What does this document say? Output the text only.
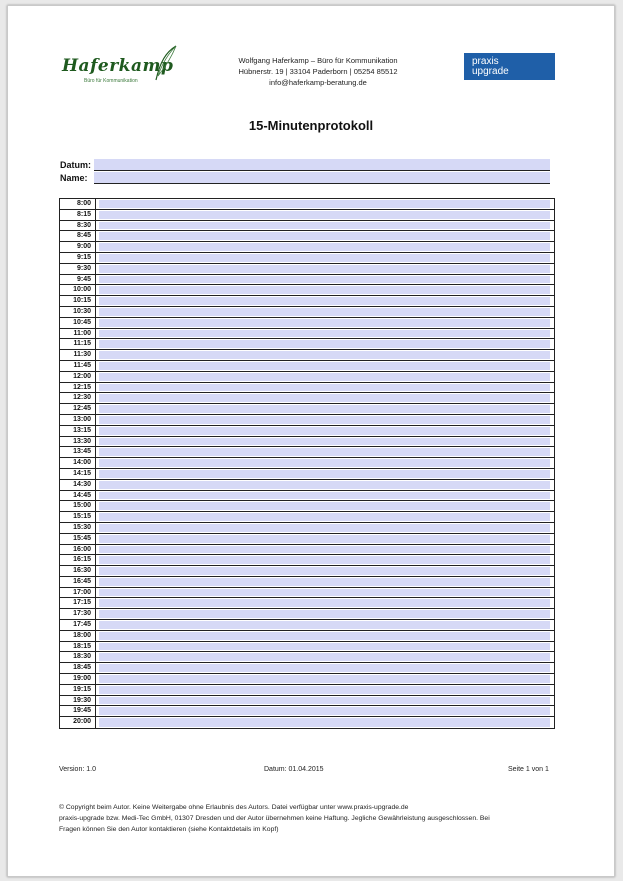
Haferkamp
Büro für Kommunikation
Wolfgang Haferkamp – Büro für Kommunikation
Hübnerstr. 19 | 33104 Paderborn | 05254 85512
info@haferkamp-beratung.de
praxis
upgrade
15-Minutenprotokoll
Datum:
Name:
8:00
8:15
8:30
8:45
9:00
9:15
9:30
9:45
10:00
10:15
10:30
10:45
11:00
11:15
11:30
11:45
12:00
12:15
12:30
12:45
13:00
13:15
13:30
13:45
14:00
14:15
14:30
14:45
15:00
15:15
15:30
15:45
16:00
16:15
16:30
16:45
17:00
17:15
17:30
17:45
18:00
18:15
18:30
18:45
19:00
19:15
19:30
19:45
20:00
Version: 1.0	Datum: 01.04.2015	Seite 1 von 1
© Copyright beim Autor. Keine Weitergabe ohne Erlaubnis des Autors. Datei verfügbar unter www.praxis-upgrade.de
praxis-upgrade bzw. Medi-Tec GmbH, 01307 Dresden und der Autor übernehmen keine Haftung. Jegliche Gewährleistung ausgeschlossen. Bei
Fragen können Sie den Autor kontaktieren (siehe Kontaktdetails im Kopf)
